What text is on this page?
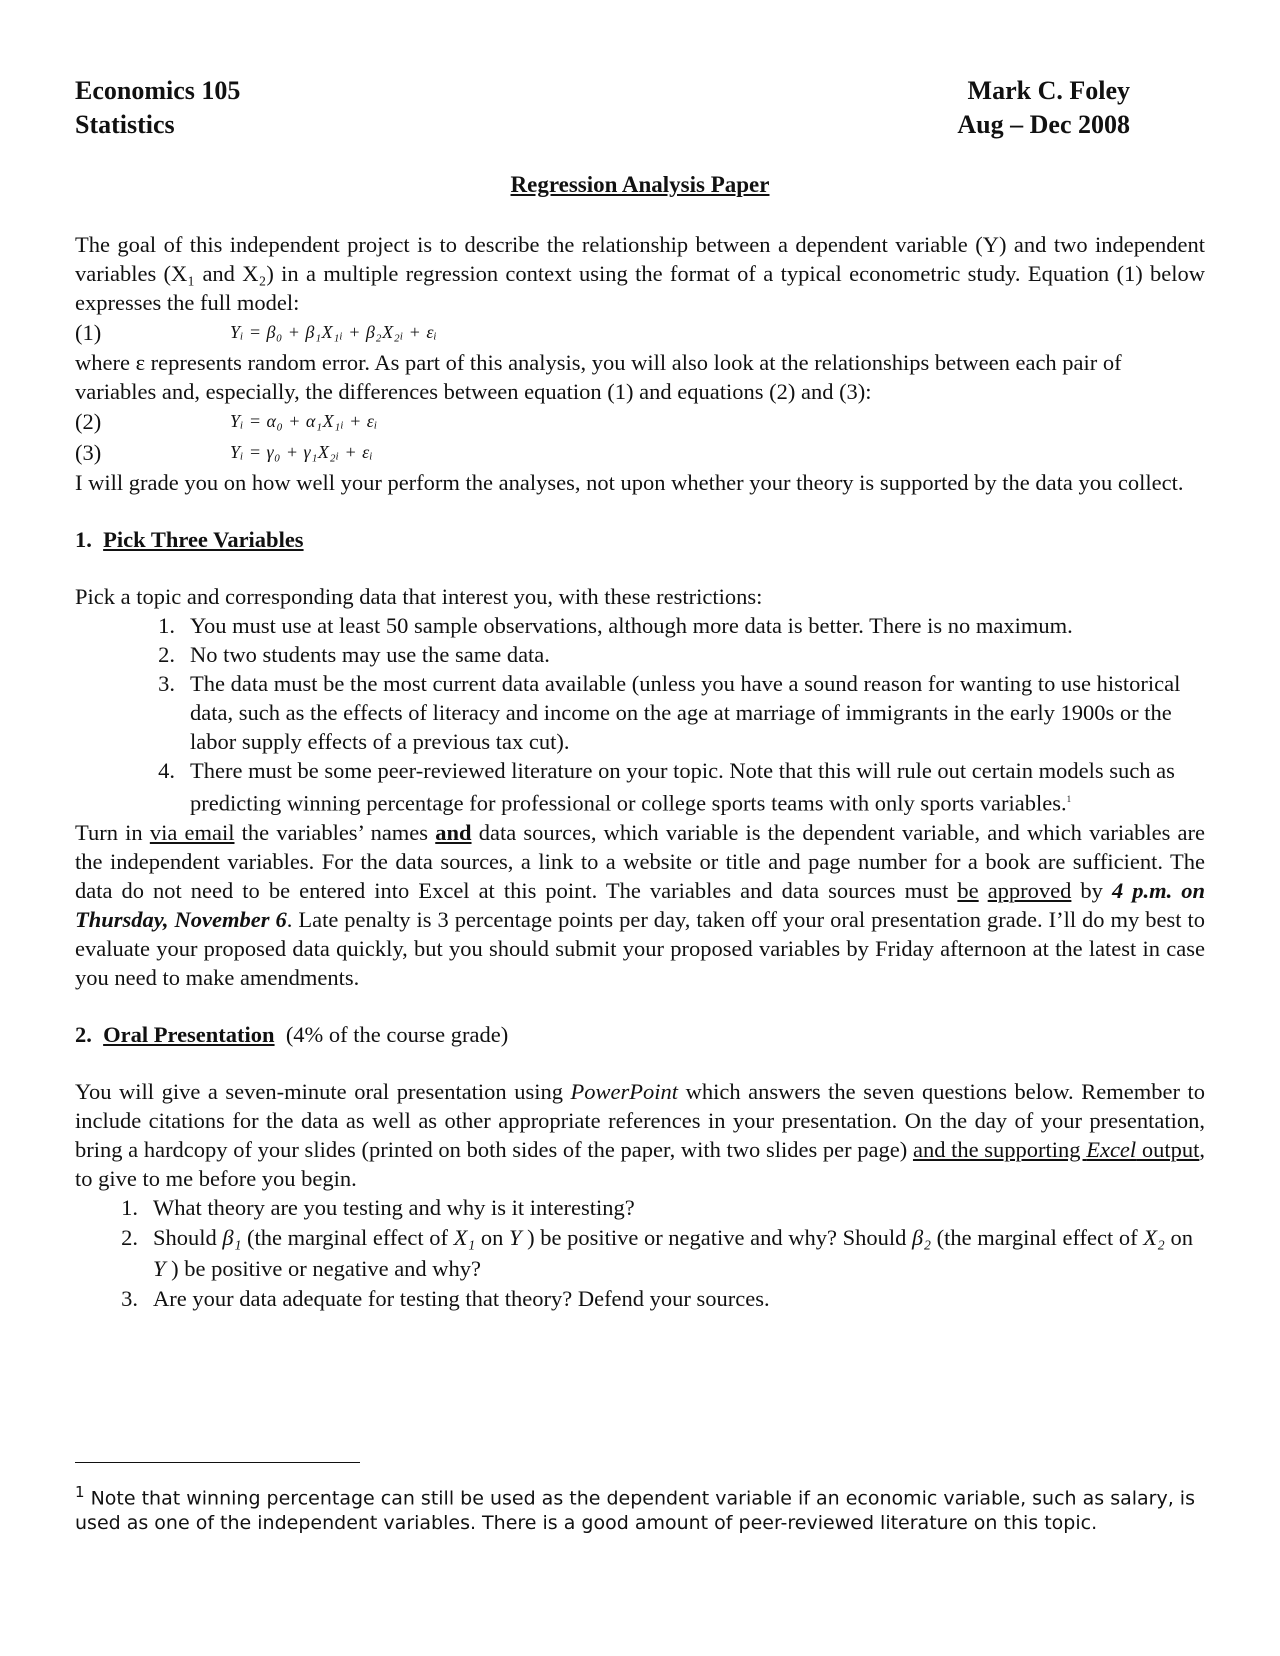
Economics 105
Statistics
Mark C. Foley
Aug – Dec 2008
Regression Analysis Paper

The goal of this independent project is to describe the relationship between a dependent variable (Y) and two independent variables (X₁ and X₂) in a multiple regression context using the format of a typical econometric study. Equation (1) below expresses the full model:

(1)	Yᵢ = β₀ + β₁X₁ᵢ + β₂X₂ᵢ + εᵢ

where ε represents random error. As part of this analysis, you will also look at the relationships between each pair of variables and, especially, the differences between equation (1) and equations (2) and (3):

(2)	Yᵢ = α₀ + α₁X₁ᵢ + εᵢ
(3)	Yᵢ = γ₀ + γ₁X₂ᵢ + εᵢ

I will grade you on how well your perform the analyses, not upon whether your theory is supported by the data you collect.

1. Pick Three Variables

Pick a topic and corresponding data that interest you, with these restrictions:

1. You must use at least 50 sample observations, although more data is better. There is no maximum.
2. No two students may use the same data.
3. The data must be the most current data available (unless you have a sound reason for wanting to use historical data, such as the effects of literacy and income on the age at marriage of immigrants in the early 1900s or the labor supply effects of a previous tax cut).
4. There must be some peer-reviewed literature on your topic. Note that this will rule out certain models such as predicting winning percentage for professional or college sports teams with only sports variables.$^1$

Turn in via email the variables’ names and data sources, which variable is the dependent variable, and which variables are the independent variables. For the data sources, a link to a website or title and page number for a book are sufficient. The data do not need to be entered into Excel at this point. The variables and data sources must be approved by 4 p.m. on Thursday, November 6. Late penalty is 3 percentage points per day, taken off your oral presentation grade. I’ll do my best to evaluate your proposed data quickly, but you should submit your proposed variables by Friday afternoon at the latest in case you need to make amendments.

2. Oral Presentation (4% of the course grade)

You will give a seven-minute oral presentation using PowerPoint which answers the seven questions below. Remember to include citations for the data as well as other appropriate references in your presentation. On the day of your presentation, bring a hardcopy of your slides (printed on both sides of the paper, with two slides per page) and the supporting Excel output, to give to me before you begin.

1. What theory are you testing and why is it interesting?
2. Should β₁ (the marginal effect of X₁ on Y ) be positive or negative and why? Should β₂ (the marginal effect of X₂ on Y ) be positive or negative and why?
3. Are your data adequate for testing that theory? Defend your sources.
$^1$ Note that winning percentage can still be used as the dependent variable if an economic variable, such as salary, is used as one of the independent variables. There is a good amount of peer-reviewed literature on this topic.
